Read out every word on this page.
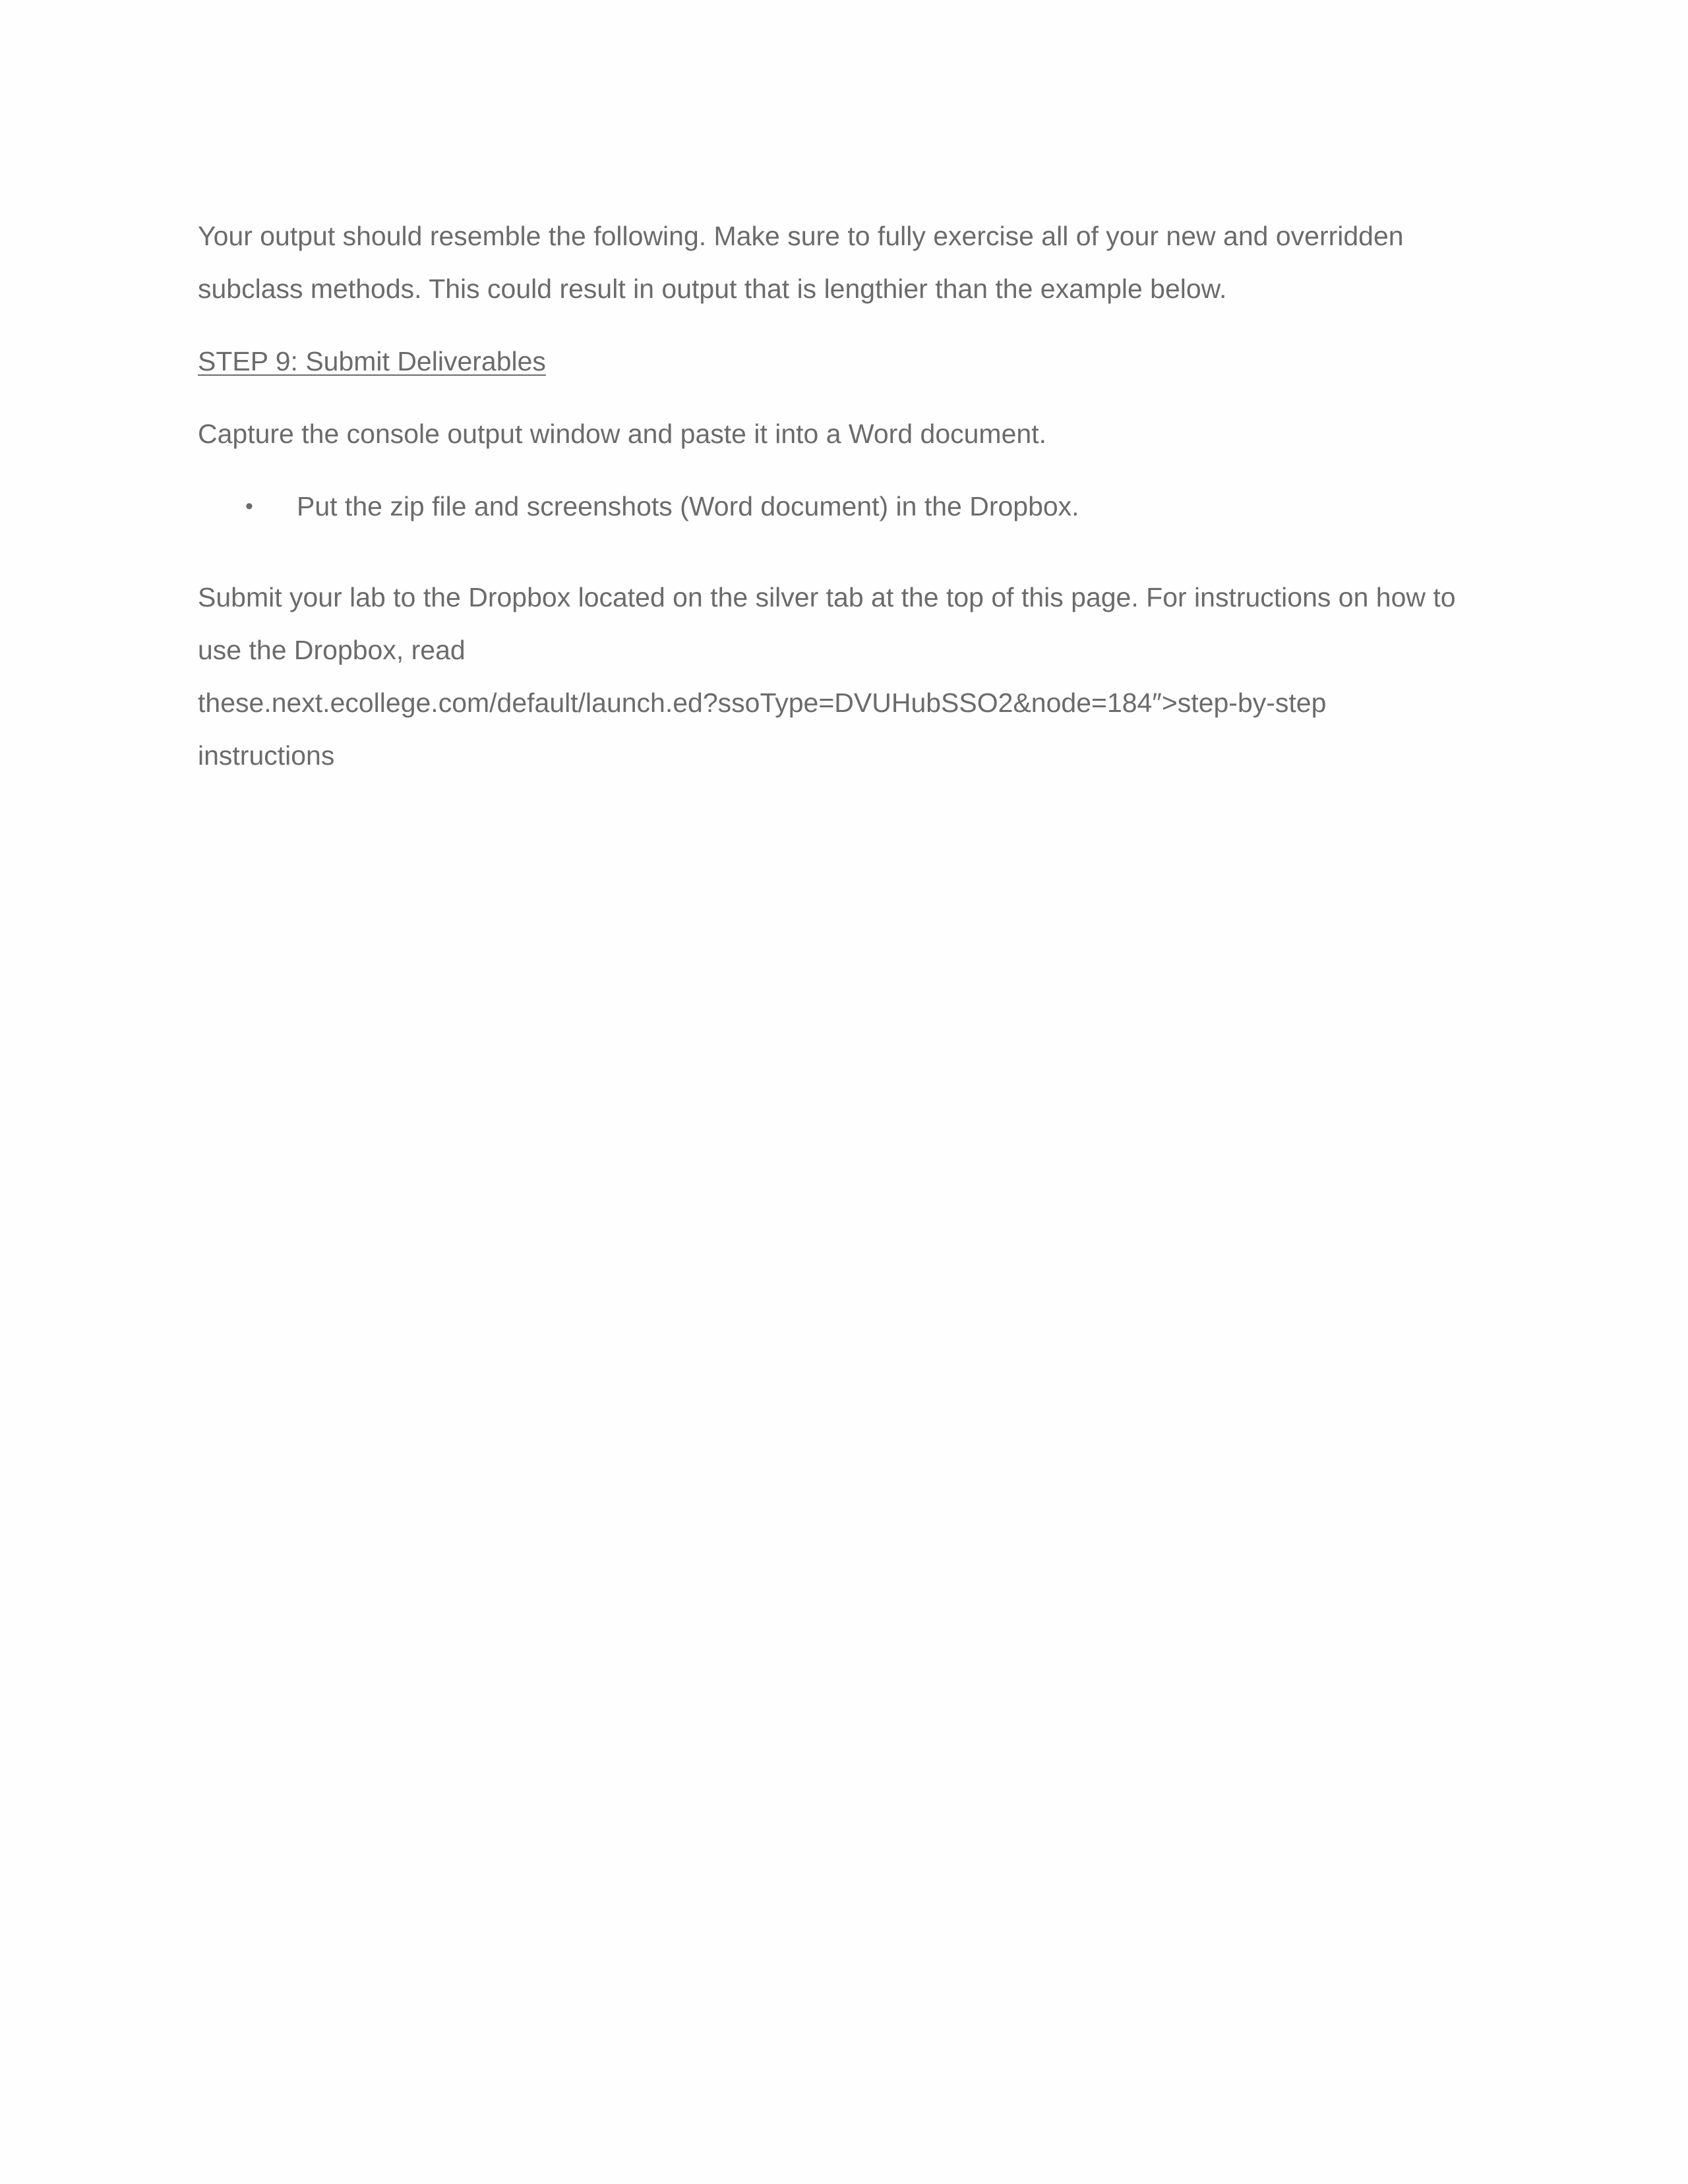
Your output should resemble the following. Make sure to fully exercise all of your new and overridden
subclass methods. This could result in output that is lengthier than the example below.

STEP 9: Submit Deliverables

Capture the console output window and paste it into a Word document.

• Put the zip file and screenshots (Word document) in the Dropbox.

Submit your lab to the Dropbox located on the silver tab at the top of this page. For instructions on how to
use the Dropbox, read
these.next.ecollege.com/default/launch.ed?ssoType=DVUHubSSO2&node=184″>step-by-step
instructions
